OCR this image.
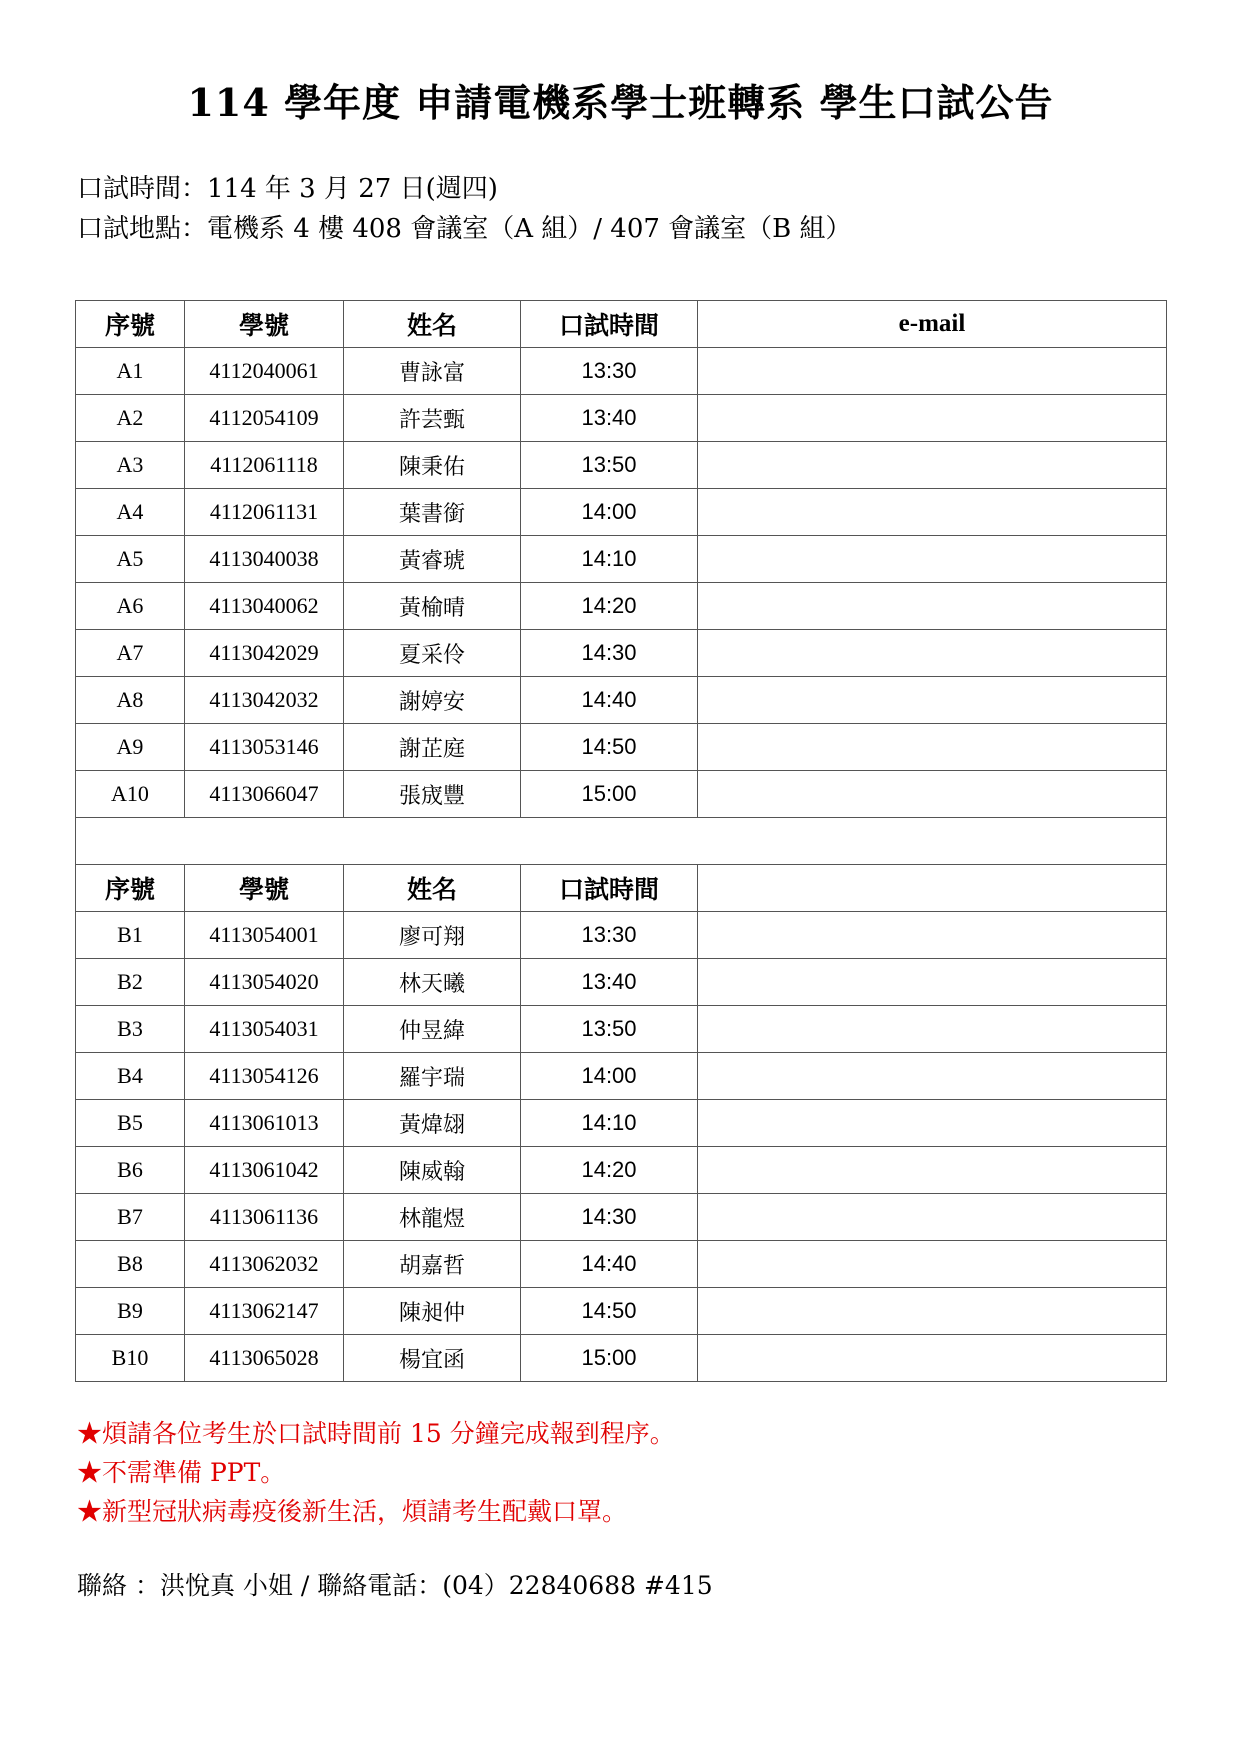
114 學年度 申請電機系學士班轉系 學生口試公告
口試時間：114 年 3 月 27 日(週四)
口試地點：電機系 4 樓 408 會議室（A 組）/ 407 會議室（B 組）
序號	學號	姓名	口試時間	e-mail
A1	4112040061	曹詠富	13:30	
A2	4112054109	許芸甄	13:40	
A3	4112061118	陳秉佑	13:50	
A4	4112061131	葉書銜	14:00	
A5	4113040038	黃睿琥	14:10	
A6	4113040062	黃榆晴	14:20	
A7	4113042029	夏采伶	14:30	
A8	4113042032	謝婷安	14:40	
A9	4113053146	謝芷庭	14:50	
A10	4113066047	張宬豐	15:00	

序號	學號	姓名	口試時間	
B1	4113054001	廖可翔	13:30	
B2	4113054020	林天曦	13:40	
B3	4113054031	仲昱緯	13:50	
B4	4113054126	羅宇瑞	14:00	
B5	4113061013	黃煒翃	14:10	
B6	4113061042	陳威翰	14:20	
B7	4113061136	林龍煜	14:30	
B8	4113062032	胡嘉哲	14:40	
B9	4113062147	陳昶仲	14:50	
B10	4113065028	楊宜函	15:00	
★煩請各位考生於口試時間前 15 分鐘完成報到程序。
★不需準備 PPT。
★新型冠狀病毒疫後新生活，煩請考生配戴口罩。
聯絡 ：洪悅真 小姐 / 聯絡電話：(04）22840688 #415
